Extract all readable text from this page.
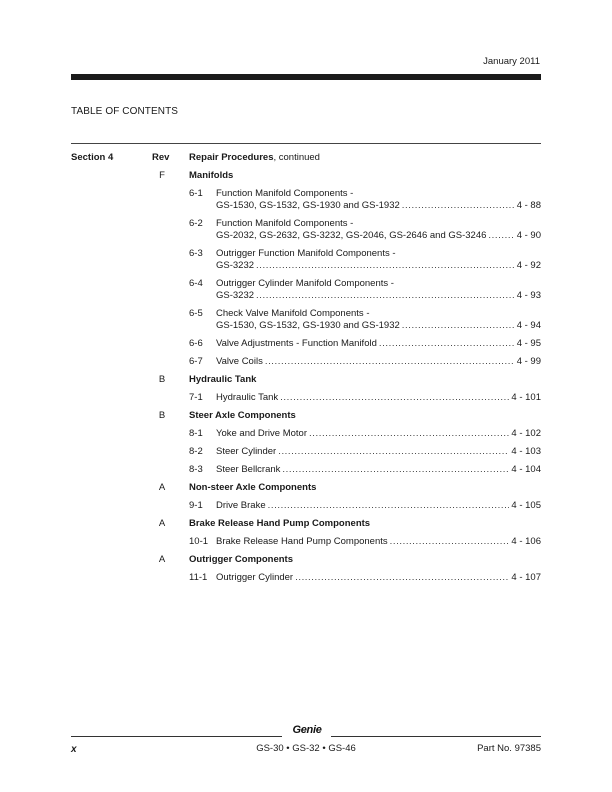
January 2011
TABLE OF CONTENTS
Section 4	Rev Repair Procedures, continued
F	Manifolds
6-1 Function Manifold Components -
GS-1530, GS-1532, GS-1930 and GS-1932 .....	4 - 88
6-2 Function Manifold Components -
GS-2032, GS-2632, GS-3232, GS-2046, GS-2646 and GS-3246 .....	4 - 90
6-3 Outrigger Function Manifold Components -
GS-3232 .....	4 - 92
6-4 Outrigger Cylinder Manifold Components -
GS-3232 .....	4 - 93
6-5 Check Valve Manifold Components -
GS-1530, GS-1532, GS-1930 and GS-1932 .....	4 - 94
6-6 Valve Adjustments - Function Manifold .....	4 - 95
6-7 Valve Coils .....	4 - 99
B	Hydraulic Tank
7-1 Hydraulic Tank .....	4 - 101
B	Steer Axle Components
8-1 Yoke and Drive Motor .....	4 - 102
8-2 Steer Cylinder .....	4 - 103
8-3 Steer Bellcrank .....	4 - 104
A	Non-steer Axle Components
9-1 Drive Brake .....	4 - 105
A	Brake Release Hand Pump Components
10-1 Brake Release Hand Pump Components .....	4 - 106
A	Outrigger Components
11-1 Outrigger Cylinder .....	4 - 107
Genie
x	GS-30 • GS-32 • GS-46	Part No. 97385
